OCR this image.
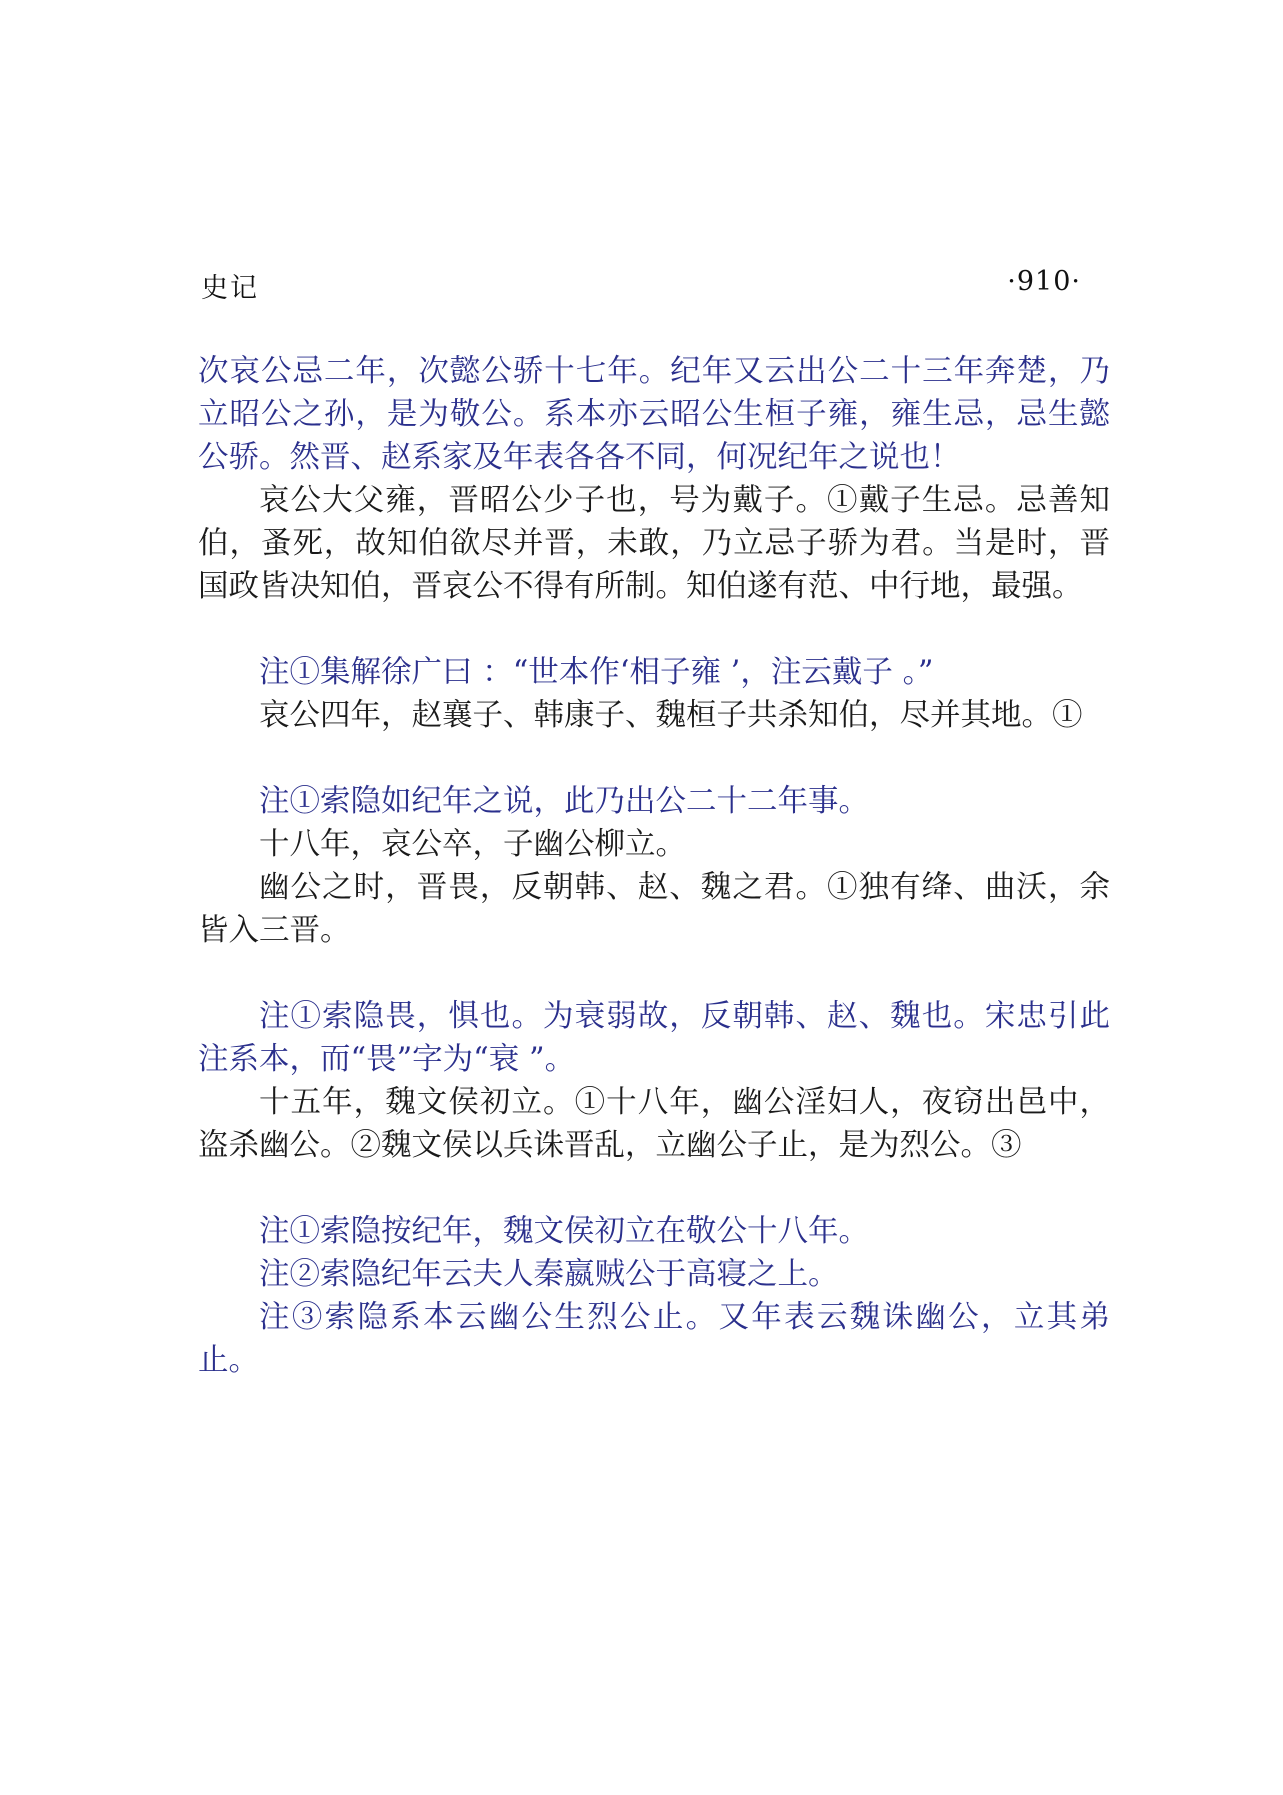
史记	·910·

次哀公忌二年，次懿公骄十七年。纪年又云出公二十三年奔楚，乃立昭公之孙，是为敬公。系本亦云昭公生桓子雍，雍生忌，忌生懿公骄。然晋、赵系家及年表各各不同，何况纪年之说也！

哀公大父雍，晋昭公少子也，号为戴子。①戴子生忌。忌善知伯，蚤死，故知伯欲尽并晋，未敢，乃立忌子骄为君。当是时，晋国政皆决知伯，晋哀公不得有所制。知伯遂有范、中行地，最强。

注①集解徐广曰 ：“世本作‘相子雍 ’，注云戴子 。”

哀公四年，赵襄子、韩康子、魏桓子共杀知伯，尽并其地。①

注①索隐如纪年之说，此乃出公二十二年事。

十八年，哀公卒，子幽公柳立。

幽公之时，晋畏，反朝韩、赵、魏之君。①独有绛、曲沃，余皆入三晋。

注①索隐畏，惧也。为衰弱故，反朝韩、赵、魏也。宋忠引此注系本，而“畏”字为“衰 ”。

十五年，魏文侯初立。①十八年，幽公淫妇人，夜窃出邑中，盗杀幽公。②魏文侯以兵诛晋乱，立幽公子止，是为烈公。③

注①索隐按纪年，魏文侯初立在敬公十八年。

注②索隐纪年云夫人秦嬴贼公于高寝之上。

注③索隐系本云幽公生烈公止。又年表云魏诛幽公，立其弟止。
